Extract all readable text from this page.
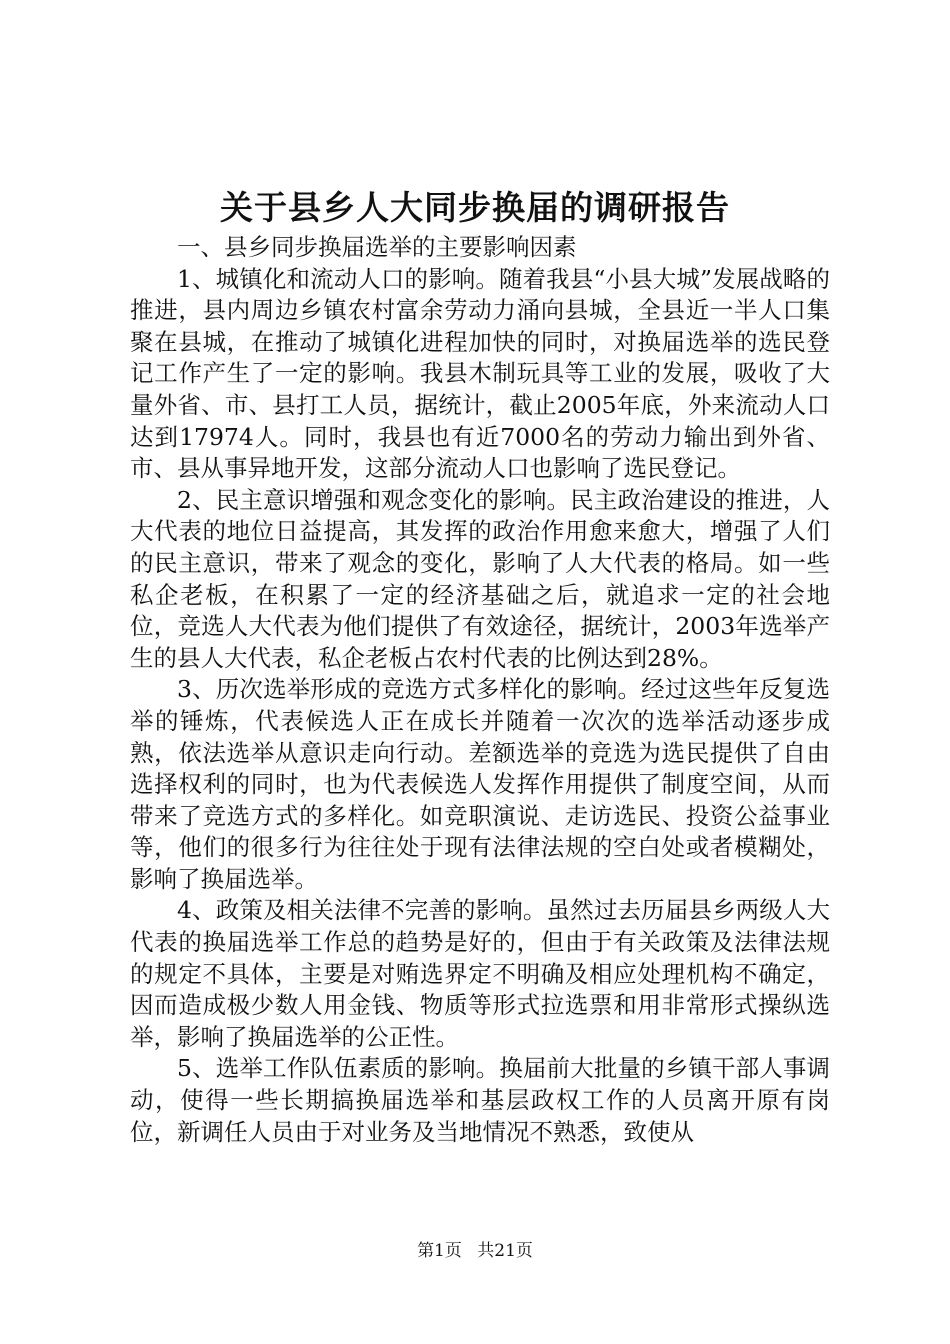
关于县乡人大同步换届的调研报告

一、县乡同步换届选举的主要影响因素

1、城镇化和流动人口的影响。随着我县“小县大城”发展战略的推进，县内周边乡镇农村富余劳动力涌向县城，全县近一半人口集聚在县城，在推动了城镇化进程加快的同时，对换届选举的选民登记工作产生了一定的影响。我县木制玩具等工业的发展，吸收了大量外省、市、县打工人员，据统计，截止2005年底，外来流动人口达到17974人。同时，我县也有近7000名的劳动力输出到外省、市、县从事异地开发，这部分流动人口也影响了选民登记。

2、民主意识增强和观念变化的影响。民主政治建设的推进，人大代表的地位日益提高，其发挥的政治作用愈来愈大，增强了人们的民主意识，带来了观念的变化，影响了人大代表的格局。如一些私企老板，在积累了一定的经济基础之后，就追求一定的社会地位，竞选人大代表为他们提供了有效途径，据统计，2003年选举产生的县人大代表，私企老板占农村代表的比例达到28%。

3、历次选举形成的竞选方式多样化的影响。经过这些年反复选举的锤炼，代表候选人正在成长并随着一次次的选举活动逐步成熟，依法选举从意识走向行动。差额选举的竞选为选民提供了自由选择权利的同时，也为代表候选人发挥作用提供了制度空间，从而带来了竞选方式的多样化。如竞职演说、走访选民、投资公益事业等，他们的很多行为往往处于现有法律法规的空白处或者模糊处，影响了换届选举。

4、政策及相关法律不完善的影响。虽然过去历届县乡两级人大代表的换届选举工作总的趋势是好的，但由于有关政策及法律法规的规定不具体，主要是对贿选界定不明确及相应处理机构不确定，因而造成极少数人用金钱、物质等形式拉选票和用非常形式操纵选举，影响了换届选举的公正性。

5、选举工作队伍素质的影响。换届前大批量的乡镇干部人事调动，使得一些长期搞换届选举和基层政权工作的人员离开原有岗位，新调任人员由于对业务及当地情况不熟悉，致使从

第1页 共21页
